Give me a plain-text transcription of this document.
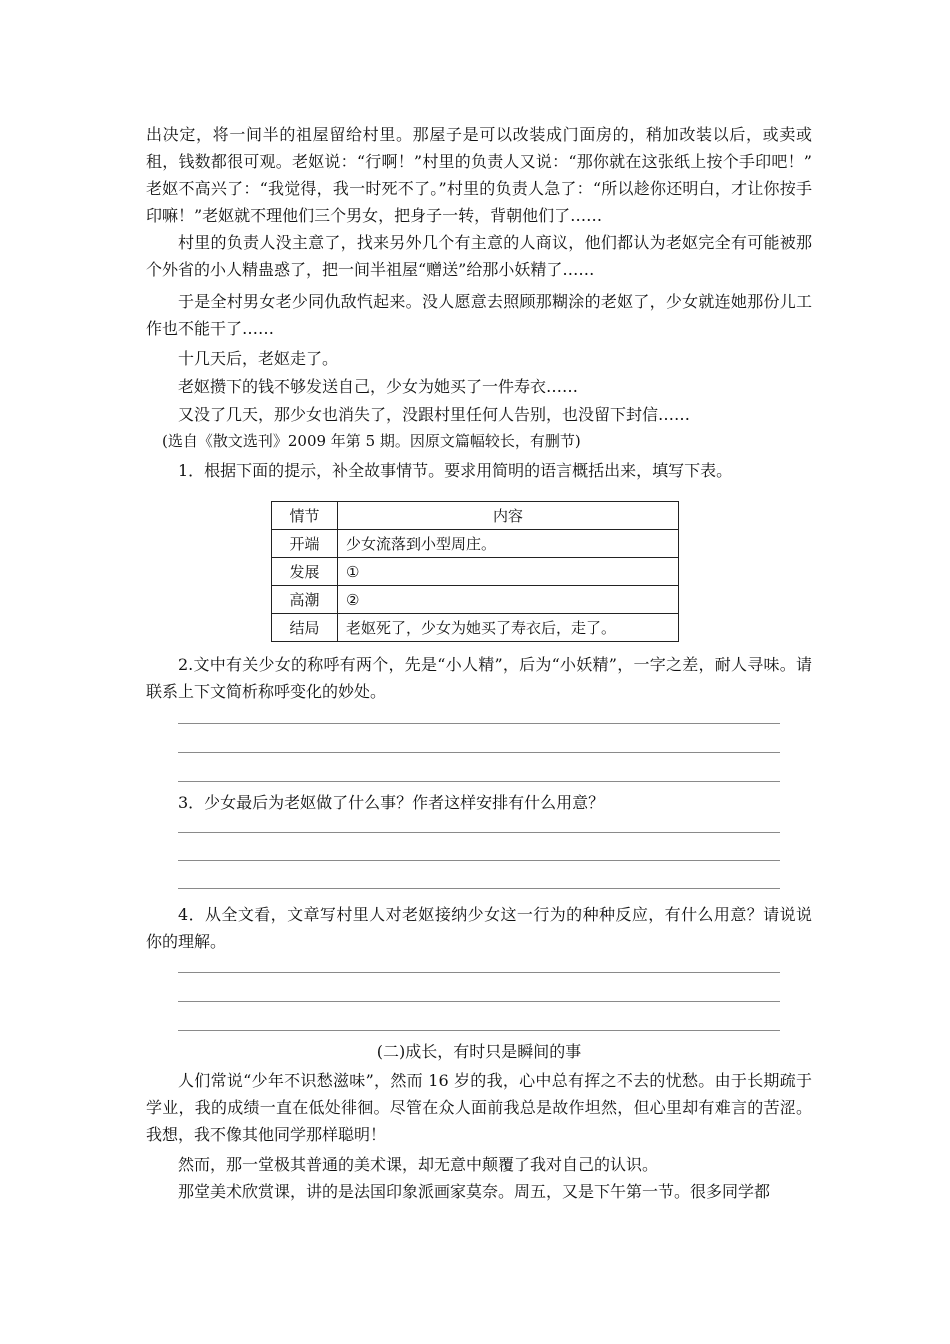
出决定，将一间半的祖屋留给村里。那屋子是可以改装成门面房的，稍加改装以后，或卖或租，钱数都很可观。老妪说：“行啊！”村里的负责人又说：“那你就在这张纸上按个手印吧！” 老妪不高兴了：“我觉得，我一时死不了。”村里的负责人急了：“所以趁你还明白，才让你按手印嘛！”老妪就不理他们三个男女，把身子一转，背朝他们了……

村里的负责人没主意了，找来另外几个有主意的人商议，他们都认为老妪完全有可能被那个外省的小人精蛊惑了，把一间半祖屋“赠送”给那小妖精了……

于是全村男女老少同仇敌忾起来。没人愿意去照顾那糊涂的老妪了，少女就连她那份儿工作也不能干了……

十几天后，老妪走了。

老妪攒下的钱不够发送自己，少女为她买了一件寿衣……

又没了几天，那少女也消失了，没跟村里任何人告别，也没留下封信……

(选自《散文选刊》2009 年第 5 期。因原文篇幅较长，有删节)

1．根据下面的提示，补全故事情节。要求用简明的语言概括出来，填写下表。

情节	内容
开端	少女流落到小型周庄。
发展	①
高潮	②
结局	老妪死了，少女为她买了寿衣后，走了。

2.文中有关少女的称呼有两个，先是“小人精”，后为“小妖精”，一字之差，耐人寻味。请联系上下文简析称呼变化的妙处。

3．少女最后为老妪做了什么事？作者这样安排有什么用意？

4．从全文看，文章写村里人对老妪接纳少女这一行为的种种反应，有什么用意？请说说你的理解。

(二)成长，有时只是瞬间的事

人们常说“少年不识愁滋味”，然而 16 岁的我，心中总有挥之不去的忧愁。由于长期疏于学业，我的成绩一直在低处徘徊。尽管在众人面前我总是故作坦然，但心里却有难言的苦涩。我想，我不像其他同学那样聪明！

然而，那一堂极其普通的美术课，却无意中颠覆了我对自己的认识。

那堂美术欣赏课，讲的是法国印象派画家莫奈。周五，又是下午第一节。很多同学都
